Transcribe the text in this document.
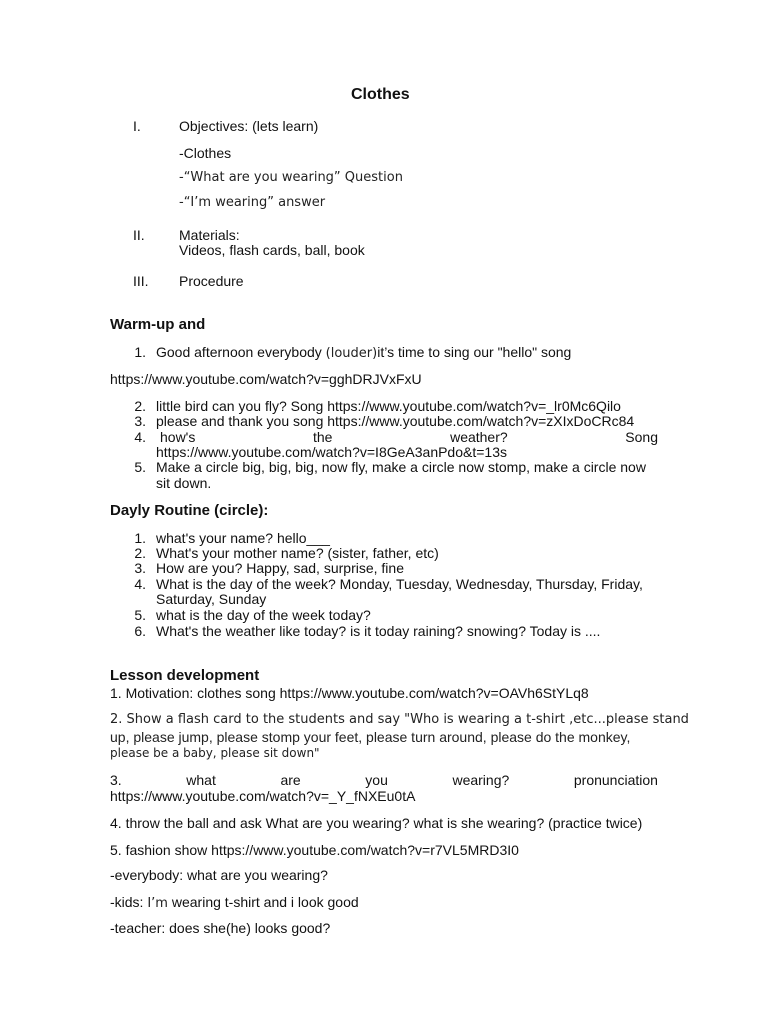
Clothes
I.	Objectives: (lets learn)
-Clothes
-“What are you wearing” Question
-“I’m wearing” answer
II. Materials:
Videos, flash cards, ball, book
III. Procedure
Warm-up and
1. Good afternoon everybody (louder)it’s time to sing our "hello" song
https://www.youtube.com/watch?v=gghDRJVxFxU
2. little bird can you fly? Song https://www.youtube.com/watch?v=_lr0Mc6Qilo
3. please and thank you song https://www.youtube.com/watch?v=zXIxDoCRc84
4. how's	the	weather?	Song
https://www.youtube.com/watch?v=I8GeA3anPdo&t=13s
5. Make a circle big, big, big, now fly, make a circle now stomp, make a circle now
sit down.
Dayly Routine (circle):
1. what's your name? hello___
2. What's your mother name? (sister, father, etc)
3. How are you? Happy, sad, surprise, fine
4. What is the day of the week? Monday, Tuesday, Wednesday, Thursday, Friday,
Saturday, Sunday
5. what is the day of the week today?
6. What's the weather like today? is it today raining? snowing? Today is ....
Lesson development
1. Motivation: clothes song https://www.youtube.com/watch?v=OAVh6StYLq8
2. Show a flash card to the students and say "Who is wearing a t-shirt ,etc...please stand
up, please jump, please stomp your feet, please turn around, please do the monkey,
please be a baby, please sit down"
3.	what	are	you	wearing?	pronunciation
https://www.youtube.com/watch?v=_Y_fNXEu0tA
4. throw the ball and ask What are you wearing? what is she wearing? (practice twice)
5. fashion show https://www.youtube.com/watch?v=r7VL5MRD3I0
-everybody: what are you wearing?
-kids: I’m wearing t-shirt and i look good
-teacher: does she(he) looks good?
